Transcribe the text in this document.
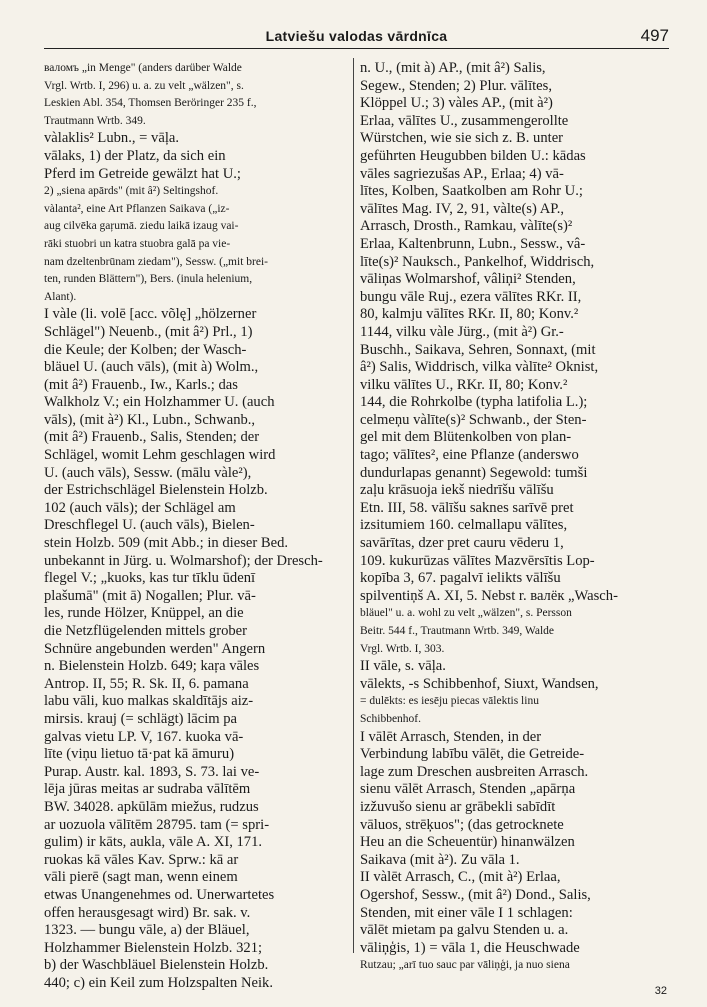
Latviešu valodas vārdnīca	497
валомъ „in Menge" (anders darüber Walde
Vrgl. Wrtb. I, 296) u. a. zu velt „wälzen", s.
Leskien Abl. 354, Thomsen Beröringer 235 f.,
Trautmann Wrtb. 349.
vàlaklis² Lubn., = vāļa.
vālaks, 1) der Platz, da sich ein
Pferd im Getreide gewälzt hat U.;
2) „siena apārds" (mit â²) Seltingshof.
vàlanta², eine Art Pflanzen Saikava („iz-
aug cilvēka gaŗumā. ziedu laikā izaug vai-
rāki stuobri un katra stuobra galā pa vie-
nam dzeltenbrūnam ziedam"), Sessw. („mit brei-
ten, runden Blättern"), Bers. (inula helenium,
Alant).
I vàle (li. volē [acc. võlę] „hölzerner
Schlägel") Neuenb., (mit â²) Prl., 1)
die Keule; der Kolben; der Wasch-
bläuel U. (auch vāls), (mit à) Wolm.,
(mit â²) Frauenb., Iw., Karls.; das
Walkholz V.; ein Holzhammer U. (auch
vāls), (mit à²) Kl., Lubn., Schwanb.,
(mit â²) Frauenb., Salis, Stenden; der
Schlägel, womit Lehm geschlagen wird
U. (auch vāls), Sessw. (mālu vàle²),
der Estrichschlägel Bielenstein Holzb.
102 (auch vāls); der Schlägel am
Dreschflegel U. (auch vāls), Bielen-
stein Holzb. 509 (mit Abb.; in dieser Bed.
unbekannt in Jürg. u. Wolmarshof); der Dresch-
flegel V.; „kuoks, kas tur tīklu ūdenī
plašumā" (mit ā) Nogallen; Plur. vā-
les, runde Hölzer, Knüppel, an die
die Netzflügelenden mittels grober
Schnüre angebunden werden" Angern
n. Bielenstein Holzb. 649; kaŗa vāles
Antrop. II, 55; R. Sk. II, 6. pamana
labu vāli, kuo malkas skaldītājs aiz-
mirsis. krauj (= schlägt) lācim pa
galvas vietu LP. V, 167. kuoka vā-
līte (viņu lietuo tā·pat kā āmuru)
Purap. Austr. kal. 1893, S. 73. lai ve-
lēja jūras meitas ar sudraba vālītēm
BW. 34028. apkūlām miežus, rudzus
ar uozuola vālītēm 28795. tam (= spri-
gulim) ir kāts, aukla, vāle A. XI, 171.
ruokas kā vāles Kav. Sprw.: kā ar
vāli pierē (sagt man, wenn einem
etwas Unangenehmes od. Unerwartetes
offen herausgesagt wird) Br. sak. v.
1323. — bungu vāle, a) der Bläuel,
Holzhammer Bielenstein Holzb. 321;
b) der Waschbläuel Bielenstein Holzb.
440; c) ein Keil zum Holzspalten Neik.
n. U., (mit à) AP., (mit â²) Salis,
Segew., Stenden; 2) Plur. vālītes,
Klöppel U.; 3) vàles AP., (mit à²)
Erlaa, vālītes U., zusammengerollte
Würstchen, wie sie sich z. B. unter
geführten Heugubben bilden U.: kādas
vāles sagriezušas AP., Erlaa; 4) vā-
lītes, Kolben, Saatkolben am Rohr U.;
vālītes Mag. IV, 2, 91, vàlte(s) AP.,
Arrasch, Drosth., Ramkau, vàlīte(s)²
Erlaa, Kaltenbrunn, Lubn., Sessw., vâ-
līte(s)² Nauksch., Pankelhof, Widdrisch,
vāliņas Wolmarshof, vâliņi² Stenden,
bungu vāle Ruj., ezera vālītes RKr. II,
80, kalmju vālītes RKr. II, 80; Konv.²
1144, vilku vàle Jürg., (mit à²) Gr.-
Buschh., Saikava, Sehren, Sonnaxt, (mit
â²) Salis, Widdrisch, vilka vàlīte² Oknist,
vilku vālītes U., RKr. II, 80; Konv.²
144, die Rohrkolbe (typha latifolia L.);
celmeņu vàlīte(s)² Schwanb., der Sten-
gel mit dem Blütenkolben von plan-
tago; vālītes², eine Pflanze (anderswo
dundurlapas genannt) Segewold: tumši
zaļu krāsuoja iekš niedrīšu vālīšu
Etn. III, 58. vālīšu saknes sarīvē pret
izsitumiem 160. celmallapu vālītes,
savārītas, dzer pret cauru vēderu 1,
109. kukurūzas vālītes Mazvērsītis Lop-
kopība 3, 67. pagalvī ielikts vālīšu
spilventiņš A. XI, 5. Nebst r. валёк „Wasch-
bläuel" u. a. wohl zu velt „wälzen", s. Persson
Beitr. 544 f., Trautmann Wrtb. 349, Walde
Vrgl. Wrtb. I, 303.
II vāle, s. vāļa.
vālekts, -s Schibbenhof, Siuxt, Wandsen,
= dulēkts: es iesēju piecas vālektis linu
Schibbenhof.
I vālēt Arrasch, Stenden, in der
Verbindung labību vālēt, die Getreide-
lage zum Dreschen ausbreiten Arrasch.
sienu vālēt Arrasch, Stenden „apārņa
izžuvušo sienu ar grābekli sabīdīt
vāluos, strēķuos"; (das getrocknete
Heu an die Scheuentür) hinanwälzen
Saikava (mit à²). Zu vāla 1.
II vàlēt Arrasch, C., (mit à²) Erlaa,
Ogershof, Sessw., (mit â²) Dond., Salis,
Stenden, mit einer vāle I 1 schlagen:
vālēt mietam pa galvu Stenden u. a.
vāliņģis, 1) = vāla 1, die Heuschwade
Rutzau; „arī tuo sauc par vāliņģi, ja nuo siena
32
